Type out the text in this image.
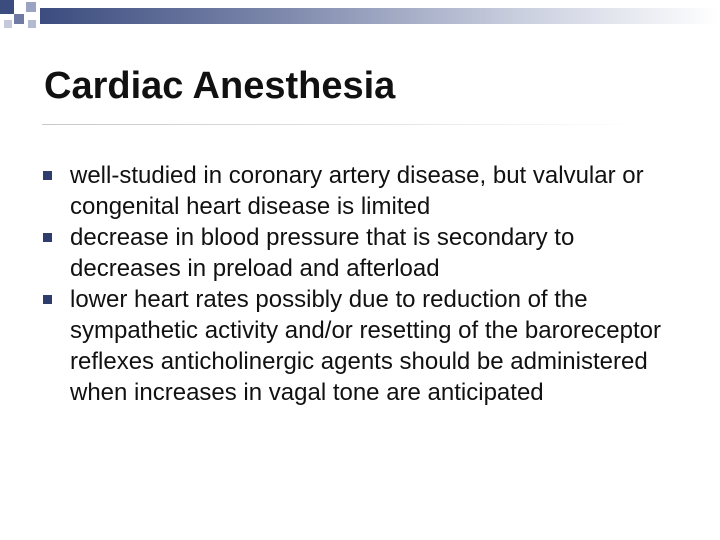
Cardiac Anesthesia
well-studied in coronary artery disease, but valvular or congenital heart disease is limited
decrease in blood pressure that is secondary to decreases in preload and afterload
lower heart rates possibly due to reduction of the sympathetic activity and/or resetting of the baroreceptor reflexes anticholinergic agents should be administered when increases in vagal tone are anticipated
